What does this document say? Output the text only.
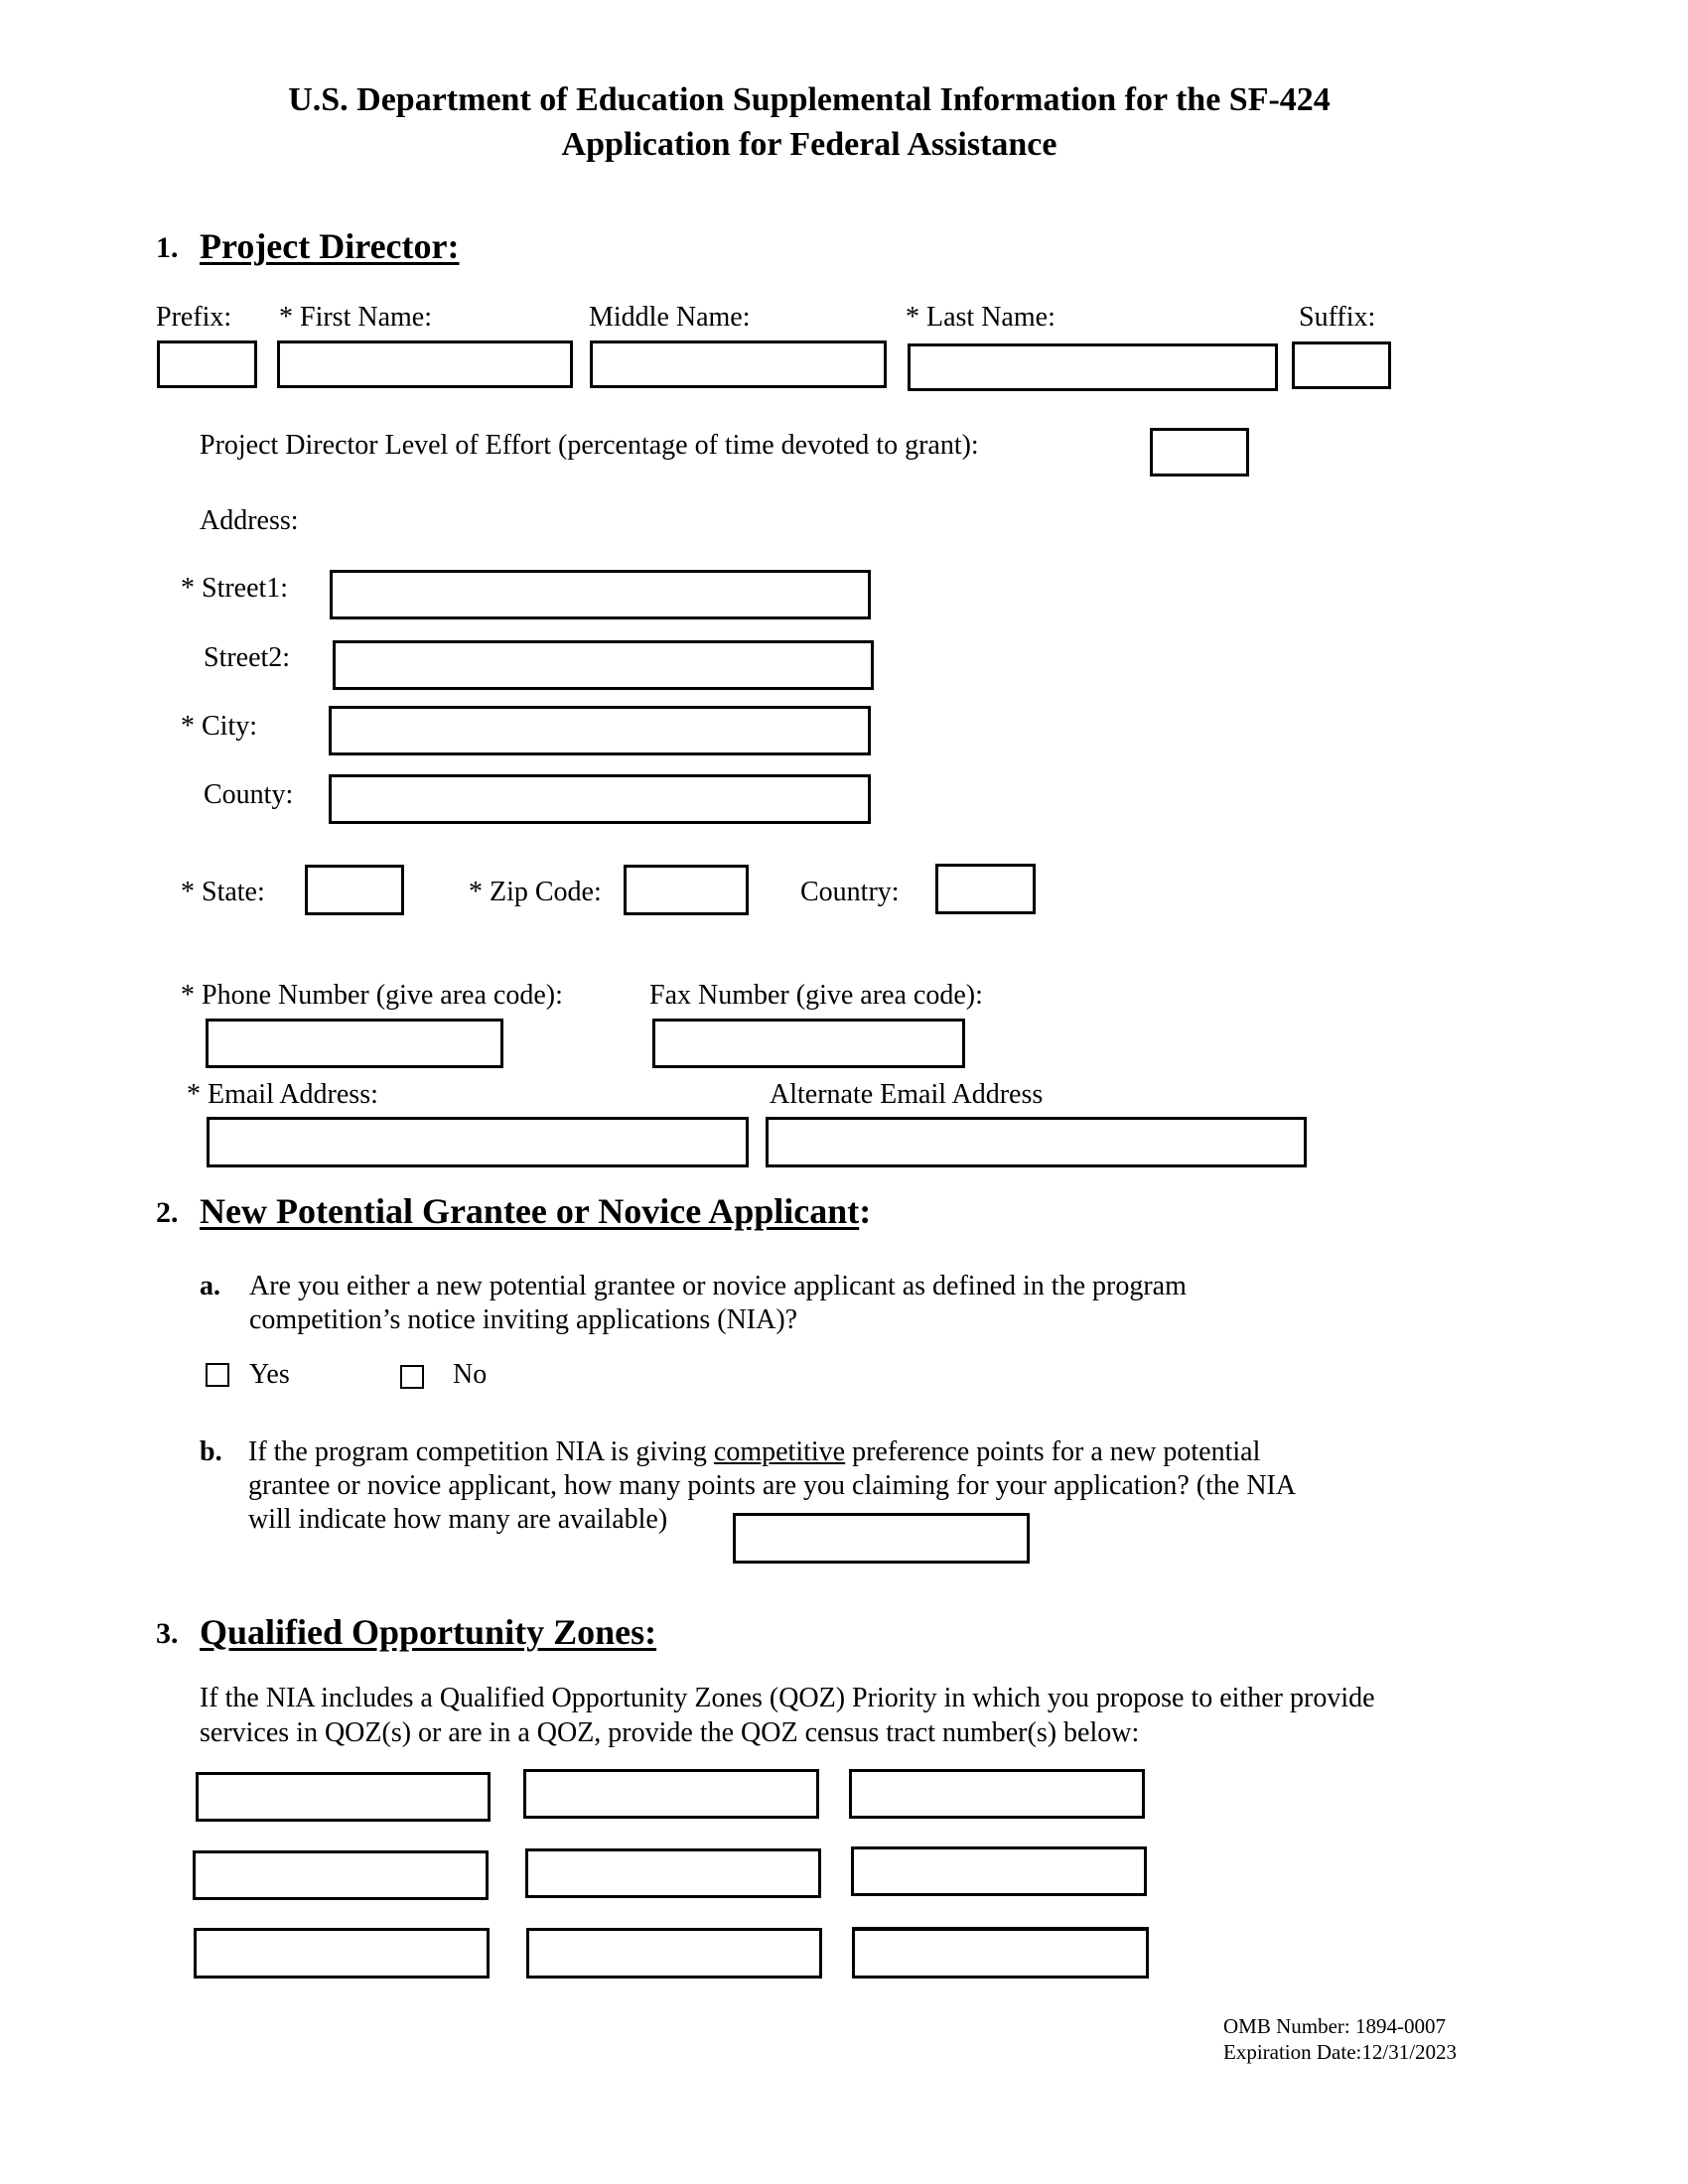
U.S. Department of Education Supplemental Information for the SF-424
Application for Federal Assistance
1. Project Director:
Prefix: * First Name:	Middle Name:	* Last Name:	Suffix:
Project Director Level of Effort (percentage of time devoted to grant):
Address:
* Street1:
Street2:
* City:
County:
* State:	* Zip Code:	Country:
* Phone Number (give area code):	Fax Number (give area code):
* Email Address:	Alternate Email Address
2. New Potential Grantee or Novice Applicant:
a. Are you either a new potential grantee or novice applicant as defined in the program
competition’s notice inviting applications (NIA)?
Yes	No
b. If the program competition NIA is giving competitive preference points for a new potential
grantee or novice applicant, how many points are you claiming for your application? (the NIA
will indicate how many are available)
3. Qualified Opportunity Zones:
If the NIA includes a Qualified Opportunity Zones (QOZ) Priority in which you propose to either provide
services in QOZ(s) or are in a QOZ, provide the QOZ census tract number(s) below:
OMB Number: 1894-0007
Expiration Date:12/31/2023
